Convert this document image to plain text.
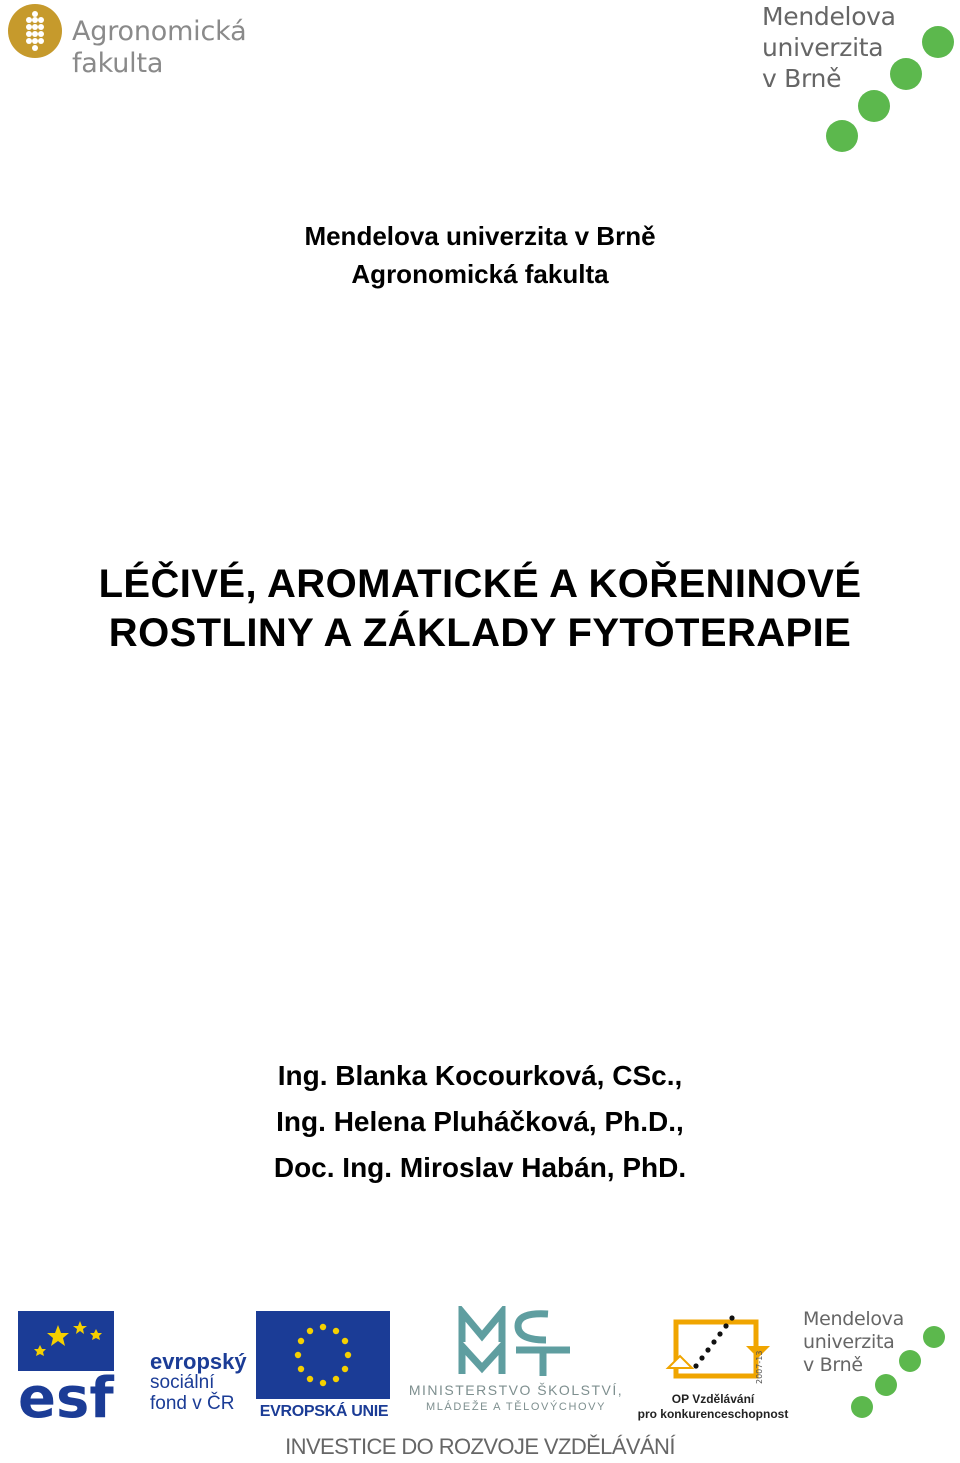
Agronomická
fakulta
Mendelova
univerzita
v Brně
Mendelova univerzita v Brně
Agronomická fakulta
LÉČIVÉ, AROMATICKÉ A KOŘENINOVÉ
ROSTLINY A ZÁKLADY FYTOTERAPIE
Ing. Blanka Kocourková, CSc.,
Ing. Helena Pluháčková, Ph.D.,
Doc. Ing. Miroslav Habán, PhD.
esf
evropský
sociální
fond v ČR	EVROPSKÁ UNIE
MINISTERSTVO ŠKOLSTVÍ,
MLÁDEŽE A TĚLOVÝCHOVY
2007-13
OP Vzdělávání
pro konkurenceschopnost
Mendelova
univerzita
v Brně
INVESTICE DO ROZVOJE VZDĚLÁVÁNÍ
